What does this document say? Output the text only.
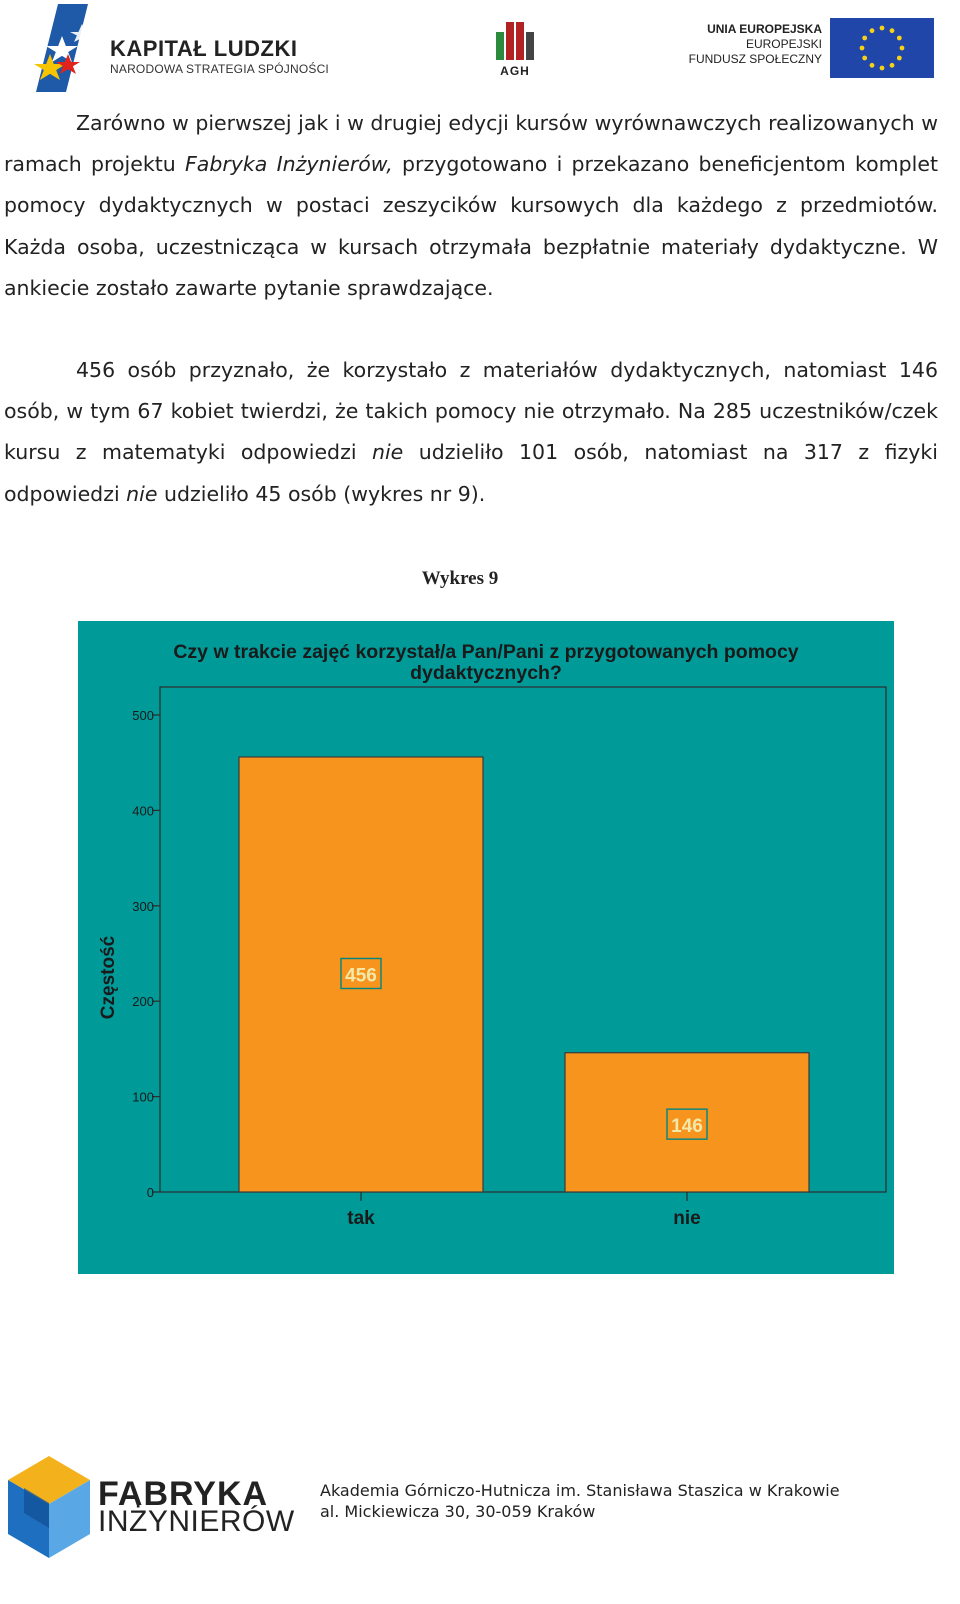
KAPITAŁ LUDZKI
NARODOWA STRATEGIA SPÓJNOŚCI	AGH
UNIA EUROPEJSKA
EUROPEJSKI
FUNDUSZ SPOŁECZNY
Zarówno w pierwszej jak i w drugiej edycji kursów wyrównawczych realizowanych w ramach projektu Fabryka Inżynierów, przygotowano i przekazano beneficjentom komplet pomocy dydaktycznych w postaci zeszycików kursowych dla każdego z przedmiotów. Każda osoba, uczestnicząca w kursach otrzymała bezpłatnie materiały dydaktyczne. W ankiecie zostało zawarte pytanie sprawdzające.
456 osób przyznało, że korzystało z materiałów dydaktycznych, natomiast 146 osób, w tym 67 kobiet twierdzi, że takich pomocy nie otrzymało. Na 285 uczestników/czek kursu z matematyki odpowiedzi nie udzieliło 101 osób, natomiast na 317 z fizyki odpowiedzi nie udzieliło 45 osób (wykres nr 9).
Wykres 9
Czy w trakcie zajęć korzystał/a Pan/Pani z przygotowanych pomocy
dydaktycznych?
0
100
200
300
400
500
Częstość	456
tak
146
nie
FABRYKA
INŻYNIERÓW
Akademia Górniczo-Hutnicza im. Stanisława Staszica w Krakowie
al. Mickiewicza 30, 30-059 Kraków
